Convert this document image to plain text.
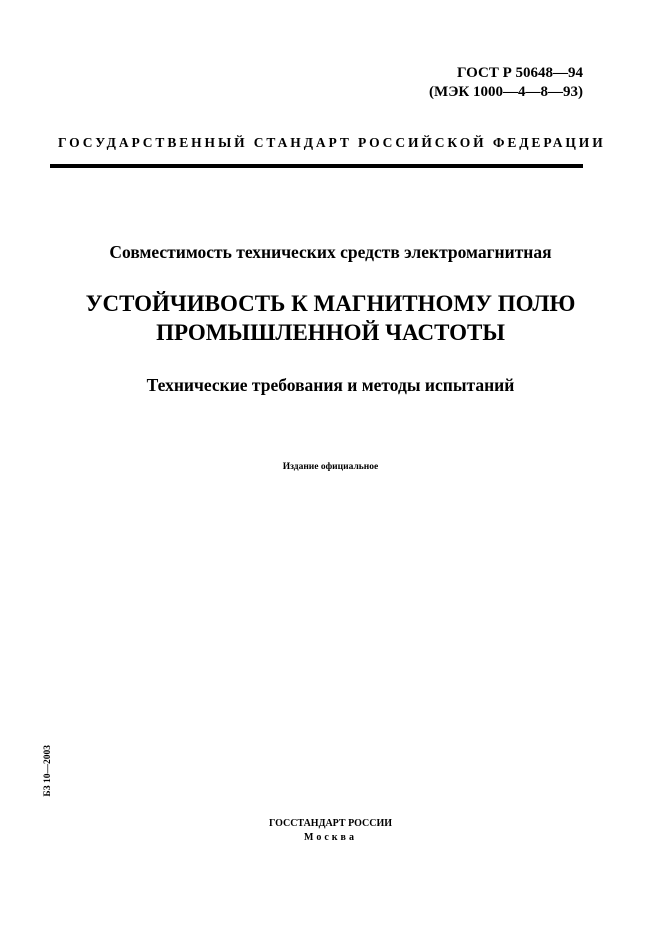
ГОСТ Р 50648—94
(МЭК 1000—4—8—93)
ГОСУДАРСТВЕННЫЙ СТАНДАРТ РОССИЙСКОЙ ФЕДЕРАЦИИ
Совместимость технических средств электромагнитная
УСТОЙЧИВОСТЬ К МАГНИТНОМУ ПОЛЮ
ПРОМЫШЛЕННОЙ ЧАСТОТЫ
Технические требования и методы испытаний
Издание официальное
БЗ 10—2003
ГОССТАНДАРТ РОССИИ
Москва
